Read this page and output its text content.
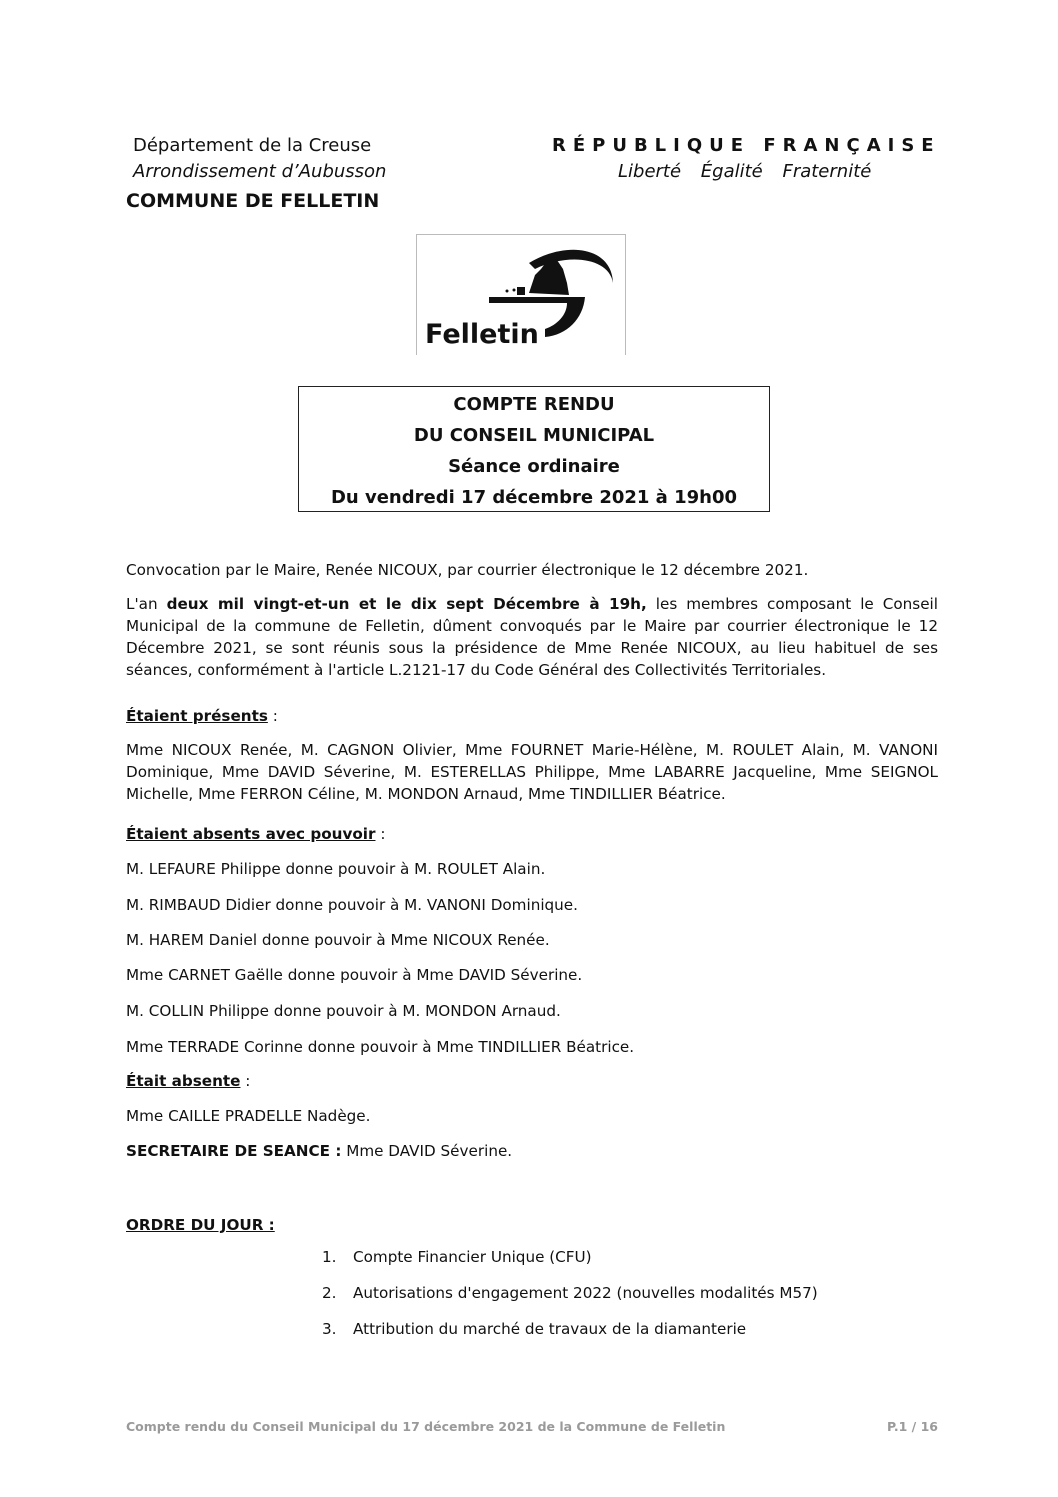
Département de la Creuse
Arrondissement d’Aubusson
COMMUNE DE FELLETIN
RÉPUBLIQUE FRANÇAISE
Liberté Égalité Fraternité
Felletin
COMPTE RENDU
DU CONSEIL MUNICIPAL
Séance ordinaire
Du vendredi 17 décembre 2021 à 19h00
Convocation par le Maire, Renée NICOUX, par courrier électronique le 12 décembre 2021.
L'an deux mil vingt-et-un et le dix sept Décembre à 19h, les membres composant le Conseil Municipal de la commune de Felletin, dûment convoqués par le Maire par courrier électronique le 12 Décembre 2021, se sont réunis sous la présidence de Mme Renée NICOUX, au lieu habituel de ses séances, conformément à l'article L.2121-17 du Code Général des Collectivités Territoriales.
Étaient présents :
Mme NICOUX Renée, M. CAGNON Olivier, Mme FOURNET Marie-Hélène, M. ROULET Alain, M. VANONI Dominique, Mme DAVID Séverine, M. ESTERELLAS Philippe, Mme LABARRE Jacqueline, Mme SEIGNOL Michelle, Mme FERRON Céline, M. MONDON Arnaud, Mme TINDILLIER Béatrice.
Étaient absents avec pouvoir :
M. LEFAURE Philippe donne pouvoir à M. ROULET Alain.
M. RIMBAUD Didier donne pouvoir à M. VANONI Dominique.
M. HAREM Daniel donne pouvoir à Mme NICOUX Renée.
Mme CARNET Gaëlle donne pouvoir à Mme DAVID Séverine.
M. COLLIN Philippe donne pouvoir à M. MONDON Arnaud.
Mme TERRADE Corinne donne pouvoir à Mme TINDILLIER Béatrice.
Était absente :
Mme CAILLE PRADELLE Nadège.
SECRETAIRE DE SEANCE : Mme DAVID Séverine.
ORDRE DU JOUR :
1. Compte Financier Unique (CFU)
2. Autorisations d'engagement 2022 (nouvelles modalités M57)
3. Attribution du marché de travaux de la diamanterie
Compte rendu du Conseil Municipal du 17 décembre 2021 de la Commune de Felletin	P.1 / 16
